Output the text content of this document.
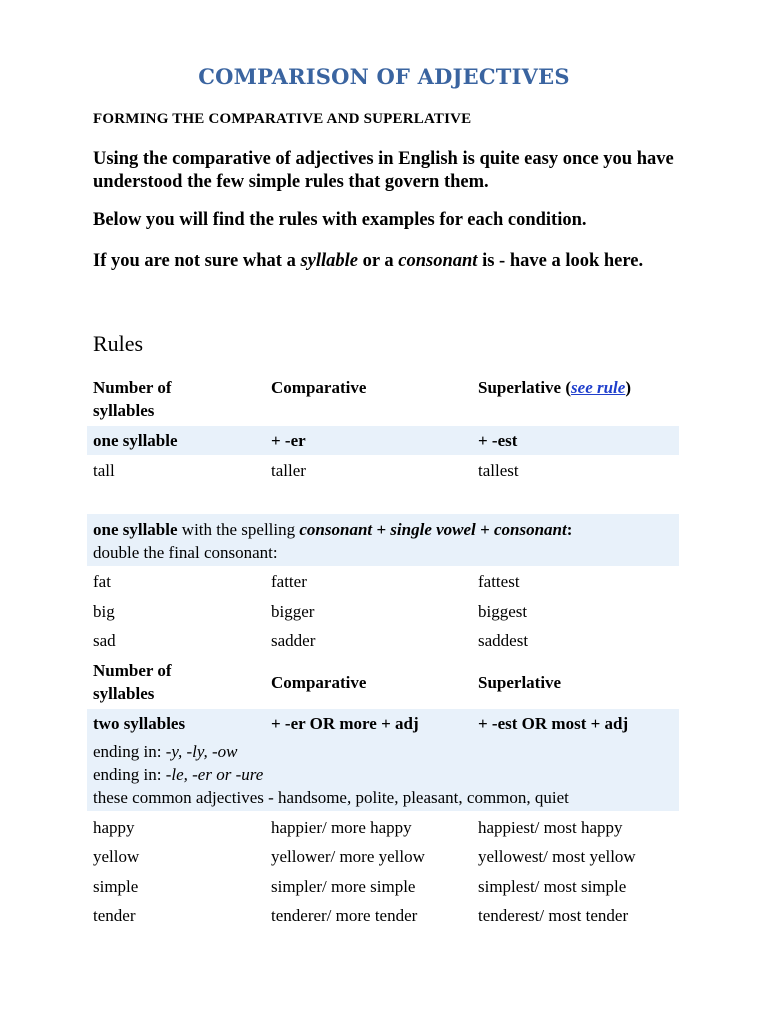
COMPARISON OF ADJECTIVES
FORMING THE COMPARATIVE AND SUPERLATIVE
Using the comparative of adjectives in English is quite easy once you have understood the few simple rules that govern them.
Below you will find the rules with examples for each condition.
If you are not sure what a syllable or a consonant is - have a look here.
Rules
Number of
syllables
Comparative	Superlative (see rule)
one syllable	+ -er	+ -est
tall	taller	tallest
one syllable with the spelling consonant + single vowel + consonant:
double the final consonant:
fat	fatter	fattest
big	bigger	biggest
sad	sadder	saddest
Number of
syllables
Comparative	Superlative
two syllables	+ -er OR more + adj	+ -est OR most + adj
ending in: -y, -ly, -ow
ending in: -le, -er or -ure
these common adjectives - handsome, polite, pleasant, common, quiet
happy	happier/ more happy	happiest/ most happy
yellow	yellower/ more yellow	yellowest/ most yellow
simple	simpler/ more simple	simplest/ most simple
tender	tenderer/ more tender	tenderest/ most tender
